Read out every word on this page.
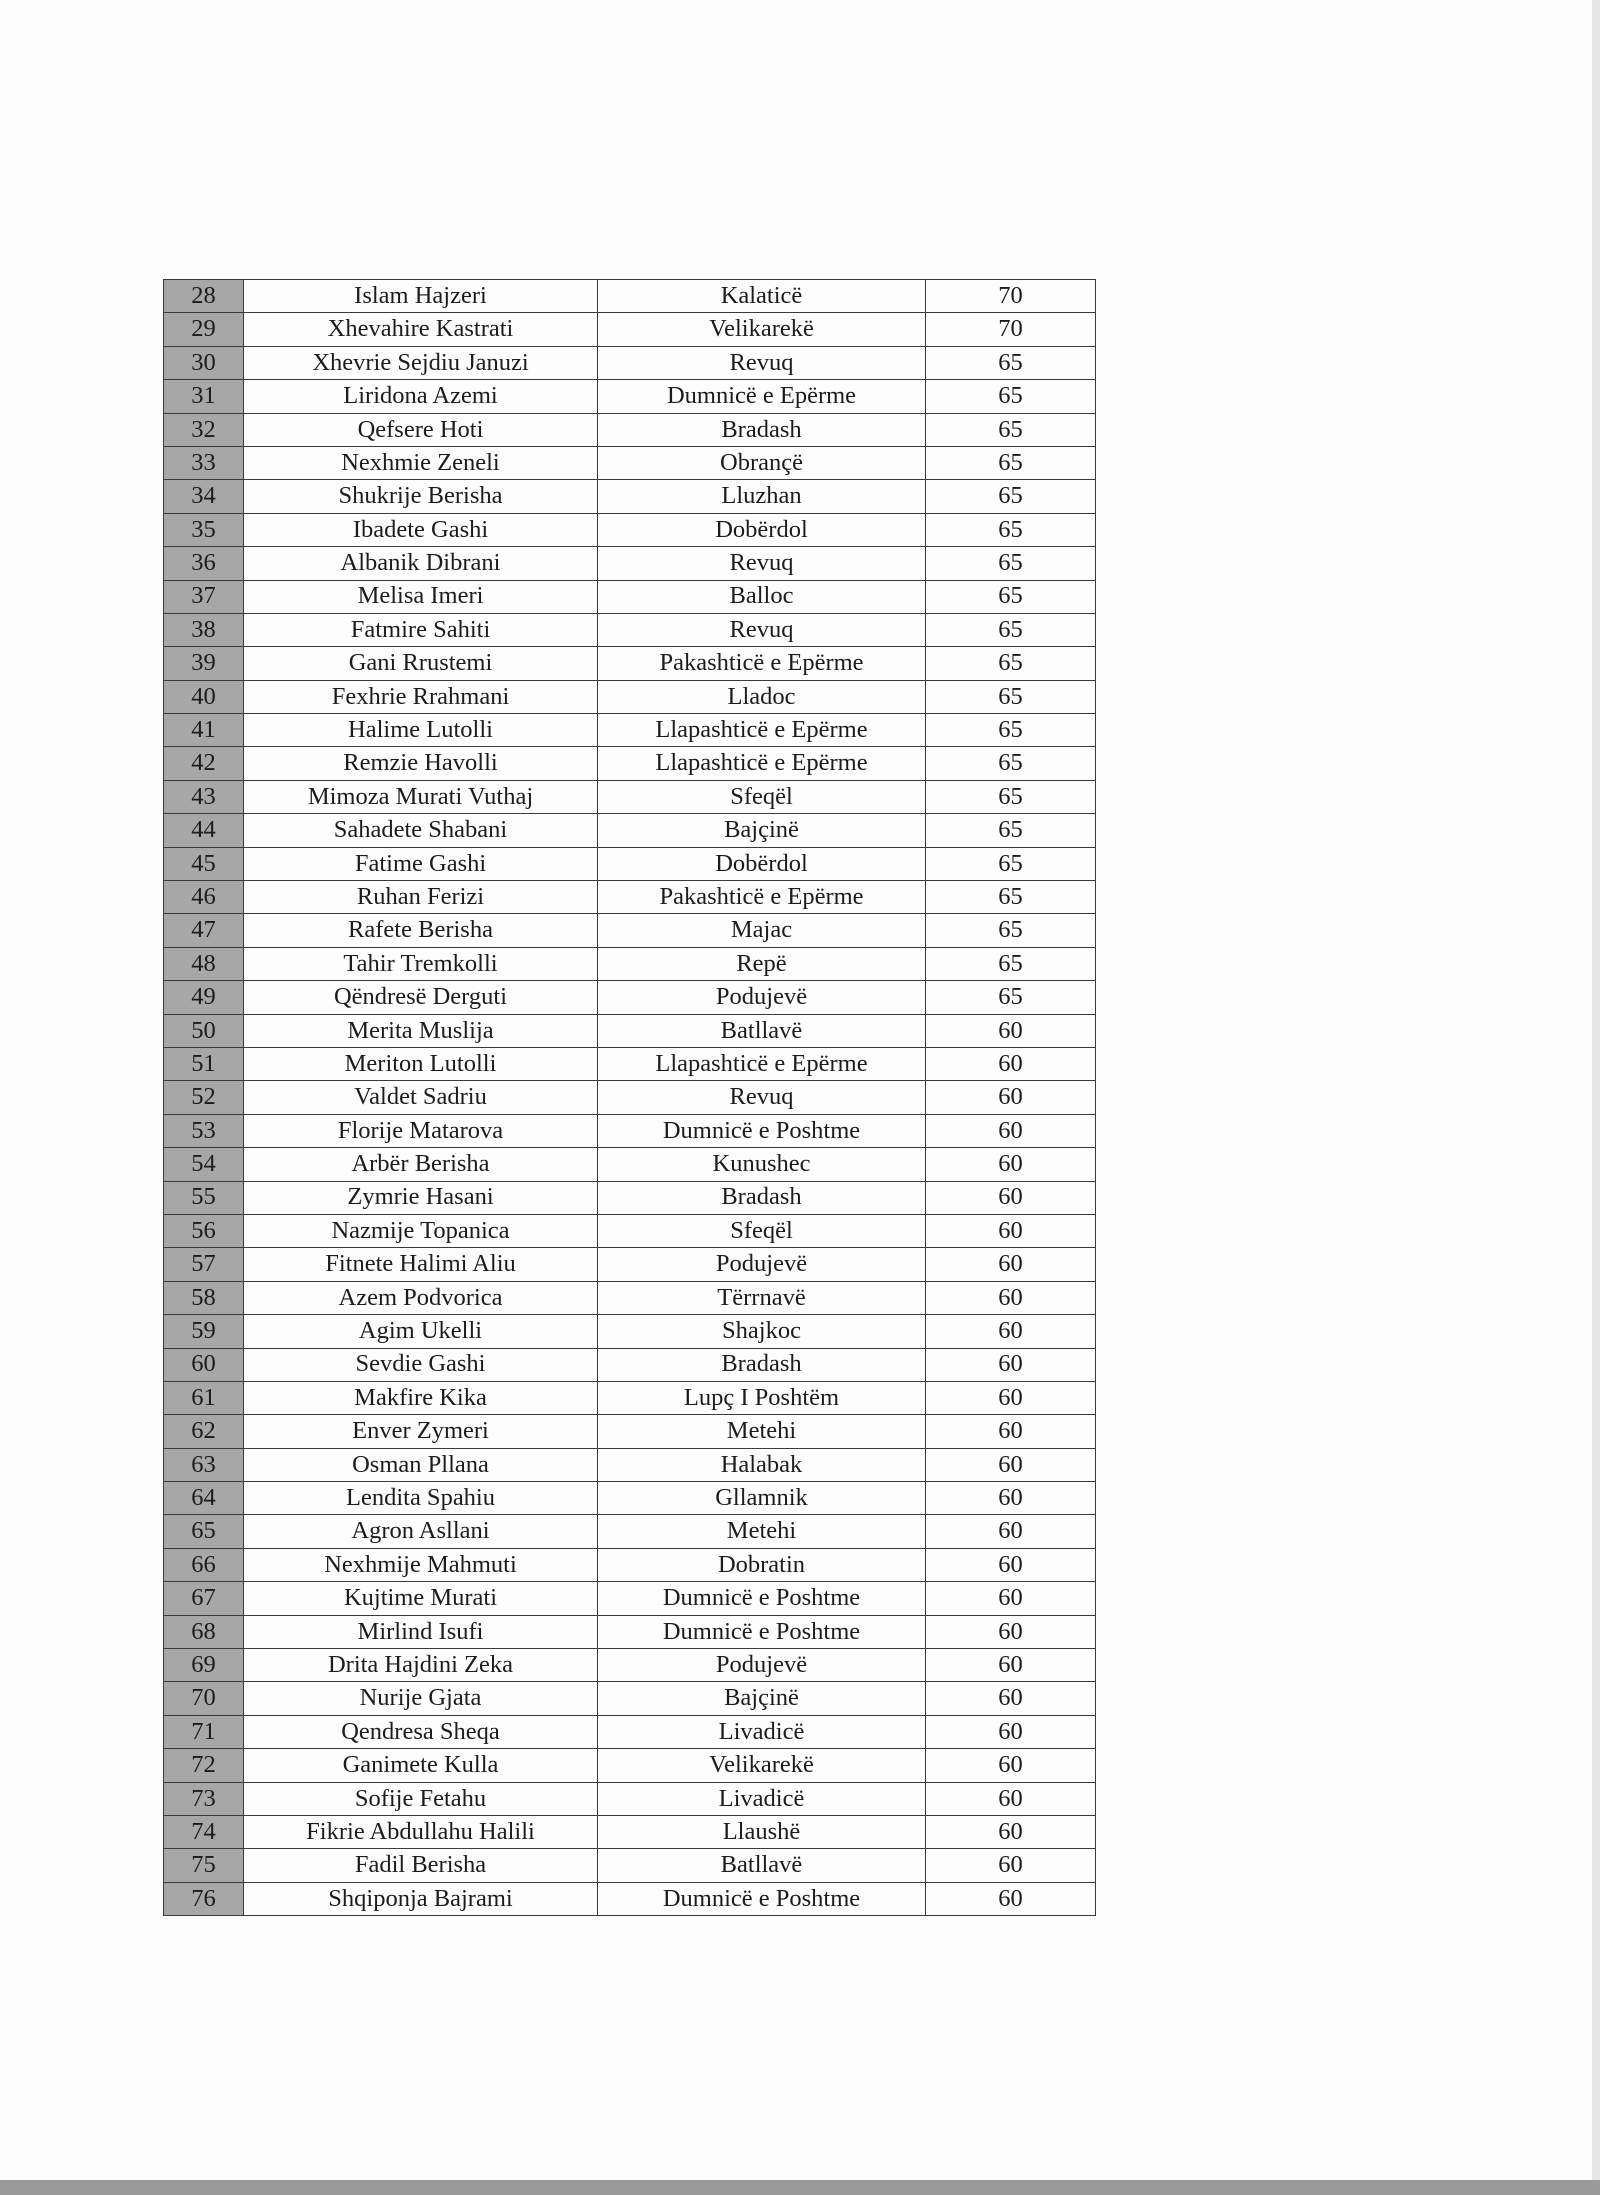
28	Islam Hajzeri	Kalaticë	70
29	Xhevahire Kastrati	Velikarekë	70
30	Xhevrie Sejdiu Januzi	Revuq	65
31	Liridona Azemi	Dumnicë e Epërme	65
32	Qefsere Hoti	Bradash	65
33	Nexhmie Zeneli	Obrançë	65
34	Shukrije Berisha	Lluzhan	65
35	Ibadete Gashi	Dobërdol	65
36	Albanik Dibrani	Revuq	65
37	Melisa Imeri	Balloc	65
38	Fatmire Sahiti	Revuq	65
39	Gani Rrustemi	Pakashticë e Epërme	65
40	Fexhrie Rrahmani	Lladoc	65
41	Halime Lutolli	Llapashticë e Epërme	65
42	Remzie Havolli	Llapashticë e Epërme	65
43	Mimoza Murati Vuthaj	Sfeqël	65
44	Sahadete Shabani	Bajçinë	65
45	Fatime Gashi	Dobërdol	65
46	Ruhan Ferizi	Pakashticë e Epërme	65
47	Rafete Berisha	Majac	65
48	Tahir Tremkolli	Repë	65
49	Qëndresë Derguti	Podujevë	65
50	Merita Muslija	Batllavë	60
51	Meriton Lutolli	Llapashticë e Epërme	60
52	Valdet Sadriu	Revuq	60
53	Florije Matarova	Dumnicë e Poshtme	60
54	Arbër Berisha	Kunushec	60
55	Zymrie Hasani	Bradash	60
56	Nazmije Topanica	Sfeqël	60
57	Fitnete Halimi Aliu	Podujevë	60
58	Azem Podvorica	Tërrnavë	60
59	Agim Ukelli	Shajkoc	60
60	Sevdie Gashi	Bradash	60
61	Makfire Kika	Lupç I Poshtëm	60
62	Enver Zymeri	Metehi	60
63	Osman Pllana	Halabak	60
64	Lendita Spahiu	Gllamnik	60
65	Agron Asllani	Metehi	60
66	Nexhmije Mahmuti	Dobratin	60
67	Kujtime Murati	Dumnicë e Poshtme	60
68	Mirlind Isufi	Dumnicë e Poshtme	60
69	Drita Hajdini Zeka	Podujevë	60
70	Nurije Gjata	Bajçinë	60
71	Qendresa Sheqa	Livadicë	60
72	Ganimete Kulla	Velikarekë	60
73	Sofije Fetahu	Livadicë	60
74	Fikrie Abdullahu Halili	Llaushë	60
75	Fadil Berisha	Batllavë	60
76	Shqiponja Bajrami	Dumnicë e Poshtme	60
